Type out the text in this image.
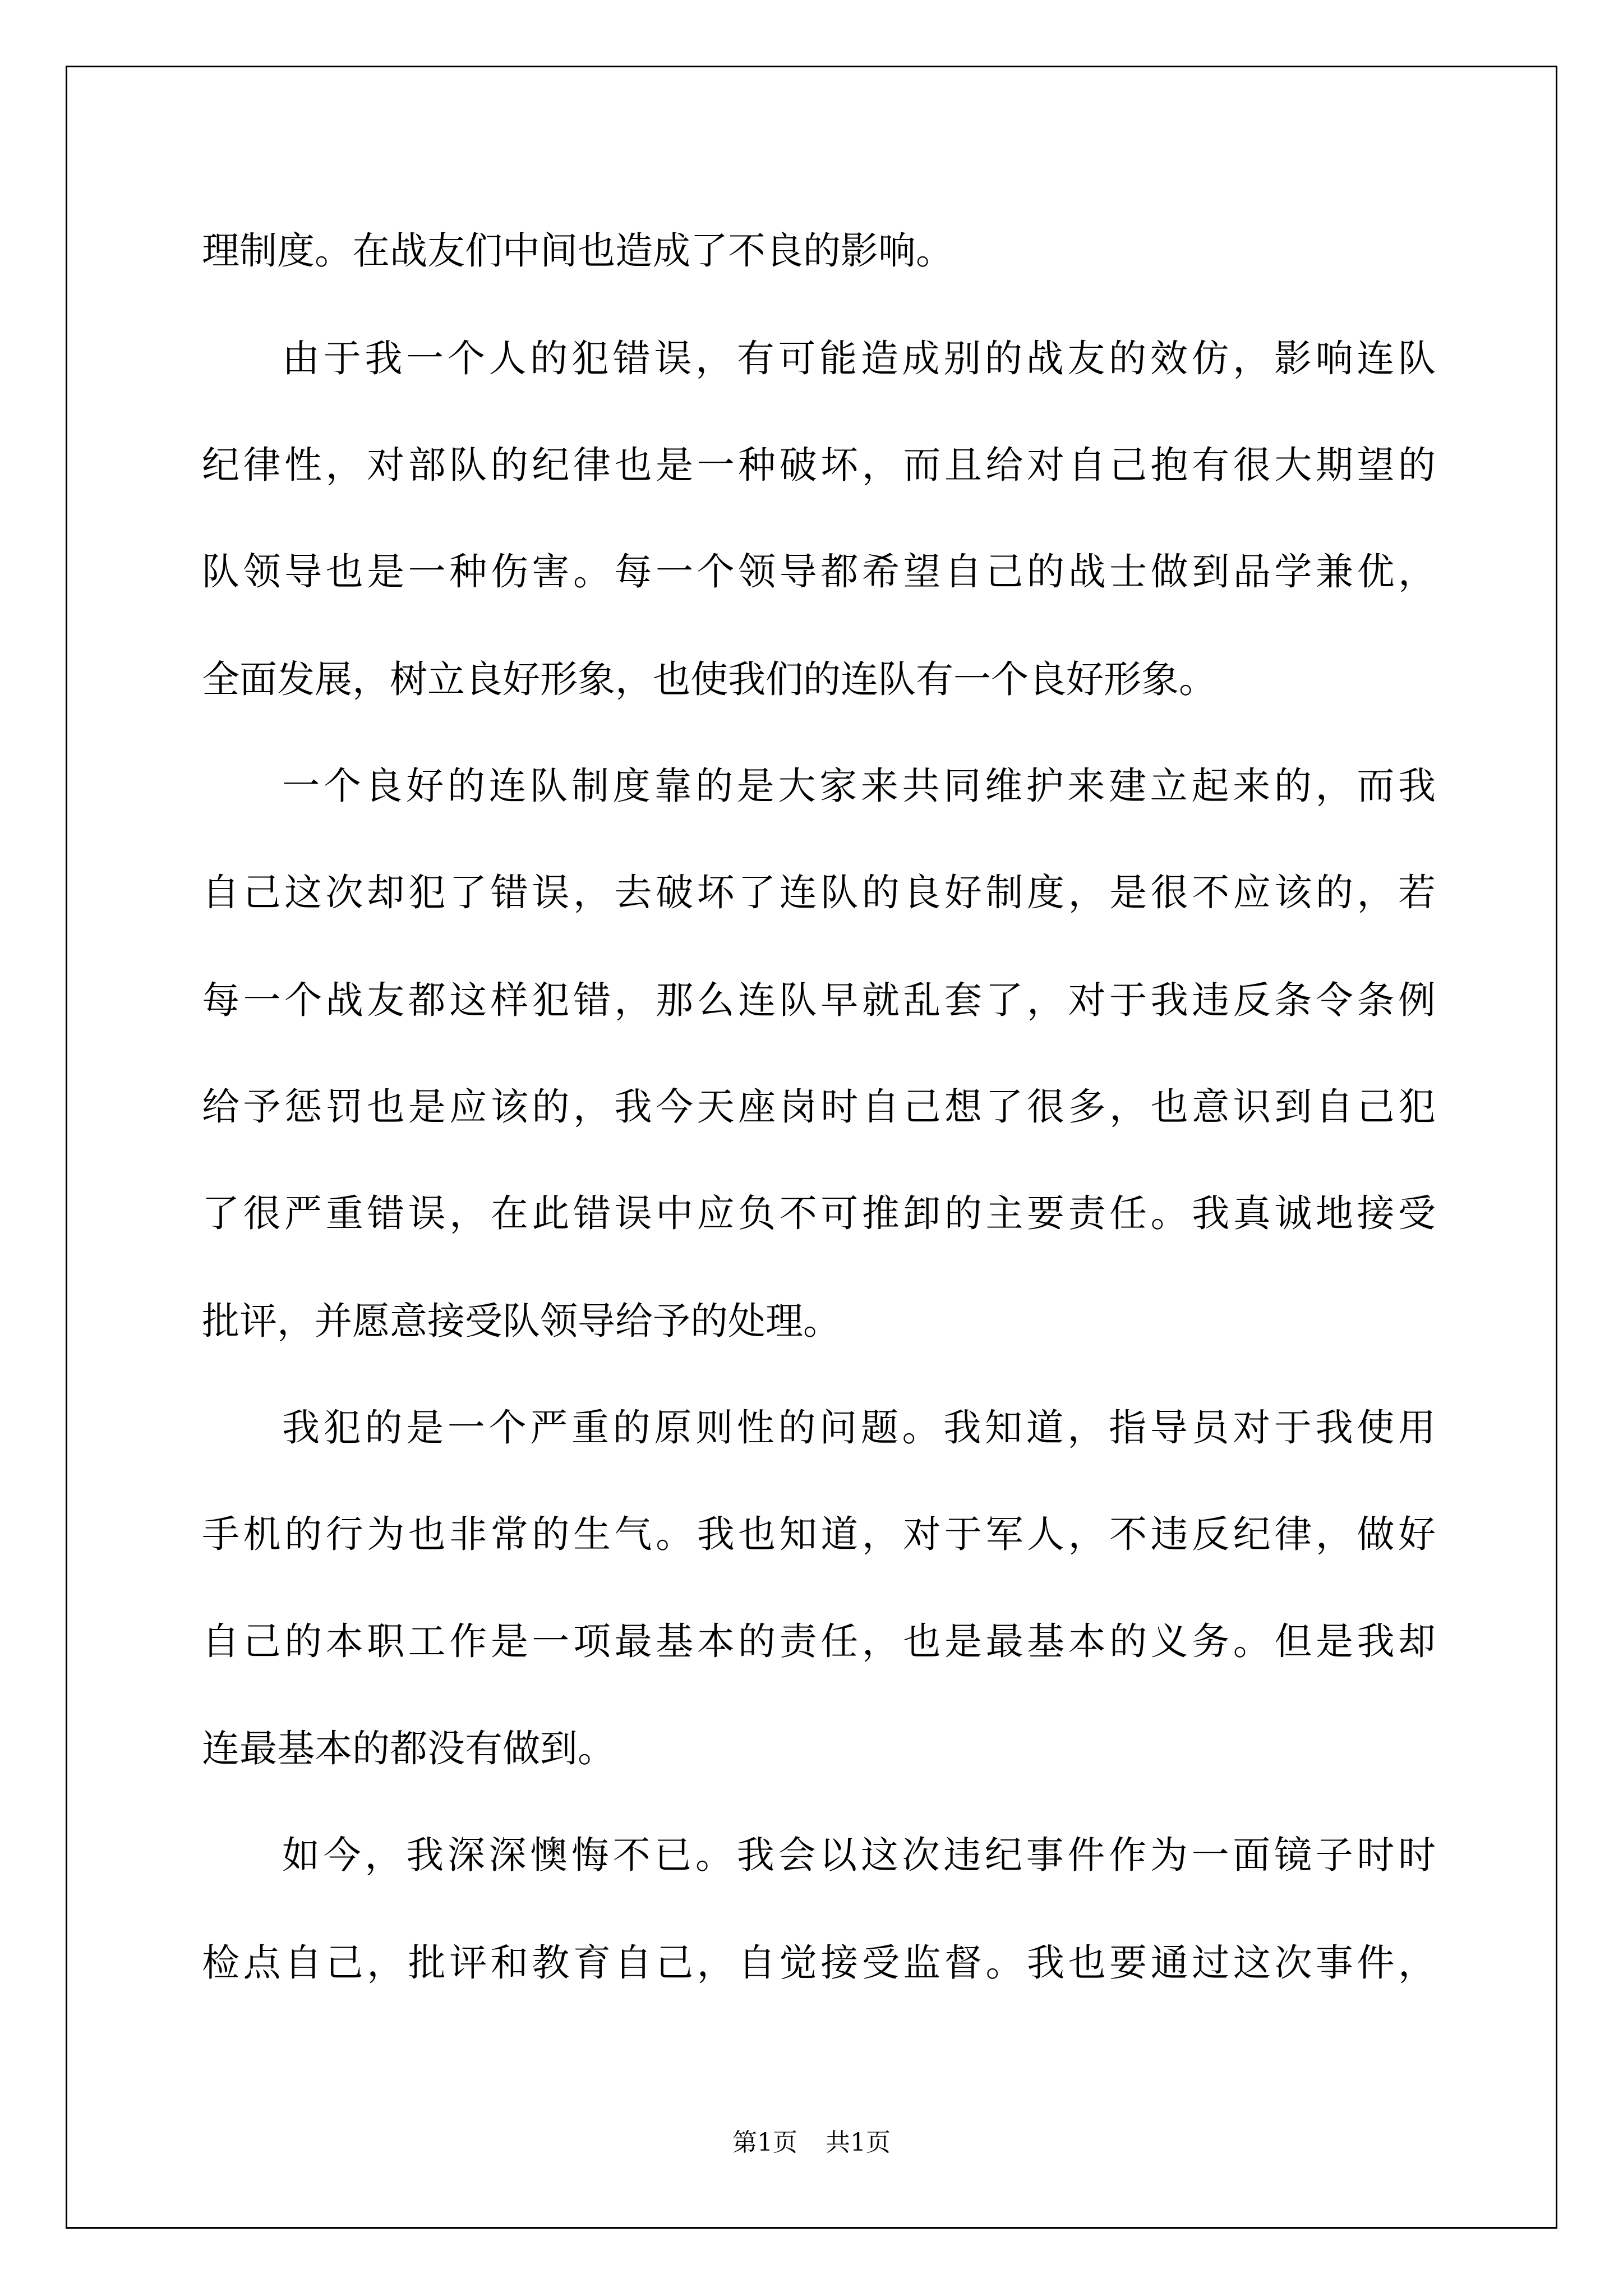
理制度。在战友们中间也造成了不良的影响。
由于我一个人的犯错误，有可能造成别的战友的效仿，影响连队
纪律性，对部队的纪律也是一种破坏，而且给对自己抱有很大期望的
队领导也是一种伤害。每一个领导都希望自己的战士做到品学兼优，
全面发展，树立良好形象，也使我们的连队有一个良好形象。
一个良好的连队制度靠的是大家来共同维护来建立起来的，而我
自己这次却犯了错误，去破坏了连队的良好制度，是很不应该的，若
每一个战友都这样犯错，那么连队早就乱套了，对于我违反条令条例
给予惩罚也是应该的，我今天座岗时自己想了很多，也意识到自己犯
了很严重错误，在此错误中应负不可推卸的主要责任。我真诚地接受
批评，并愿意接受队领导给予的处理。
我犯的是一个严重的原则性的问题。我知道，指导员对于我使用
手机的行为也非常的生气。我也知道，对于军人，不违反纪律，做好
自己的本职工作是一项最基本的责任，也是最基本的义务。但是我却
连最基本的都没有做到。
如今，我深深懊悔不已。我会以这次违纪事件作为一面镜子时时
检点自己，批评和教育自己，自觉接受监督。我也要通过这次事件，
第1页 共1页
